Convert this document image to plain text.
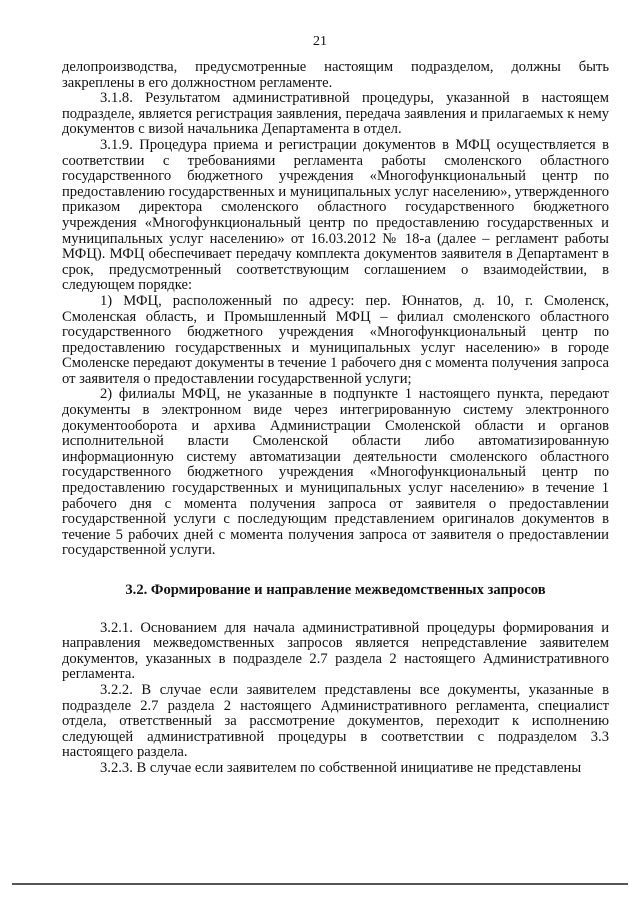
21

делопроизводства, предусмотренные настоящим подразделом, должны быть закреплены в его должностном регламенте.

3.1.8. Результатом административной процедуры, указанной в настоящем подразделе, является регистрация заявления, передача заявления и прилагаемых к нему документов с визой начальника Департамента в отдел.

3.1.9. Процедура приема и регистрации документов в МФЦ осуществляется в соответствии с требованиями регламента работы смоленского областного государственного бюджетного учреждения «Многофункциональный центр по предоставлению государственных и муниципальных услуг населению», утвержденного приказом директора смоленского областного государственного бюджетного учреждения «Многофункциональный центр по предоставлению государственных и муниципальных услуг населению» от 16.03.2012 № 18-а (далее – регламент работы МФЦ). МФЦ обеспечивает передачу комплекта документов заявителя в Департамент в срок, предусмотренный соответствующим соглашением о взаимодействии, в следующем порядке:

1) МФЦ, расположенный по адресу: пер. Юннатов, д. 10, г. Смоленск, Смоленская область, и Промышленный МФЦ – филиал смоленского областного государственного бюджетного учреждения «Многофункциональный центр по предоставлению государственных и муниципальных услуг населению» в городе Смоленске передают документы в течение 1 рабочего дня с момента получения запроса от заявителя о предоставлении государственной услуги;

2) филиалы МФЦ, не указанные в подпункте 1 настоящего пункта, передают документы в электронном виде через интегрированную систему электронного документооборота и архива Администрации Смоленской области и органов исполнительной власти Смоленской области либо автоматизированную информационную систему автоматизации деятельности смоленского областного государственного бюджетного учреждения «Многофункциональный центр по предоставлению государственных и муниципальных услуг населению» в течение 1 рабочего дня с момента получения запроса от заявителя о предоставлении государственной услуги с последующим представлением оригиналов документов в течение 5 рабочих дней с момента получения запроса от заявителя о предоставлении государственной услуги.

3.2. Формирование и направление межведомственных запросов

3.2.1. Основанием для начала административной процедуры формирования и направления межведомственных запросов является непредставление заявителем документов, указанных в подразделе 2.7 раздела 2 настоящего Административного регламента.

3.2.2. В случае если заявителем представлены все документы, указанные в подразделе 2.7 раздела 2 настоящего Административного регламента, специалист отдела, ответственный за рассмотрение документов, переходит к исполнению следующей административной процедуры в соответствии с подразделом 3.3 настоящего раздела.

3.2.3. В случае если заявителем по собственной инициативе не представлены
